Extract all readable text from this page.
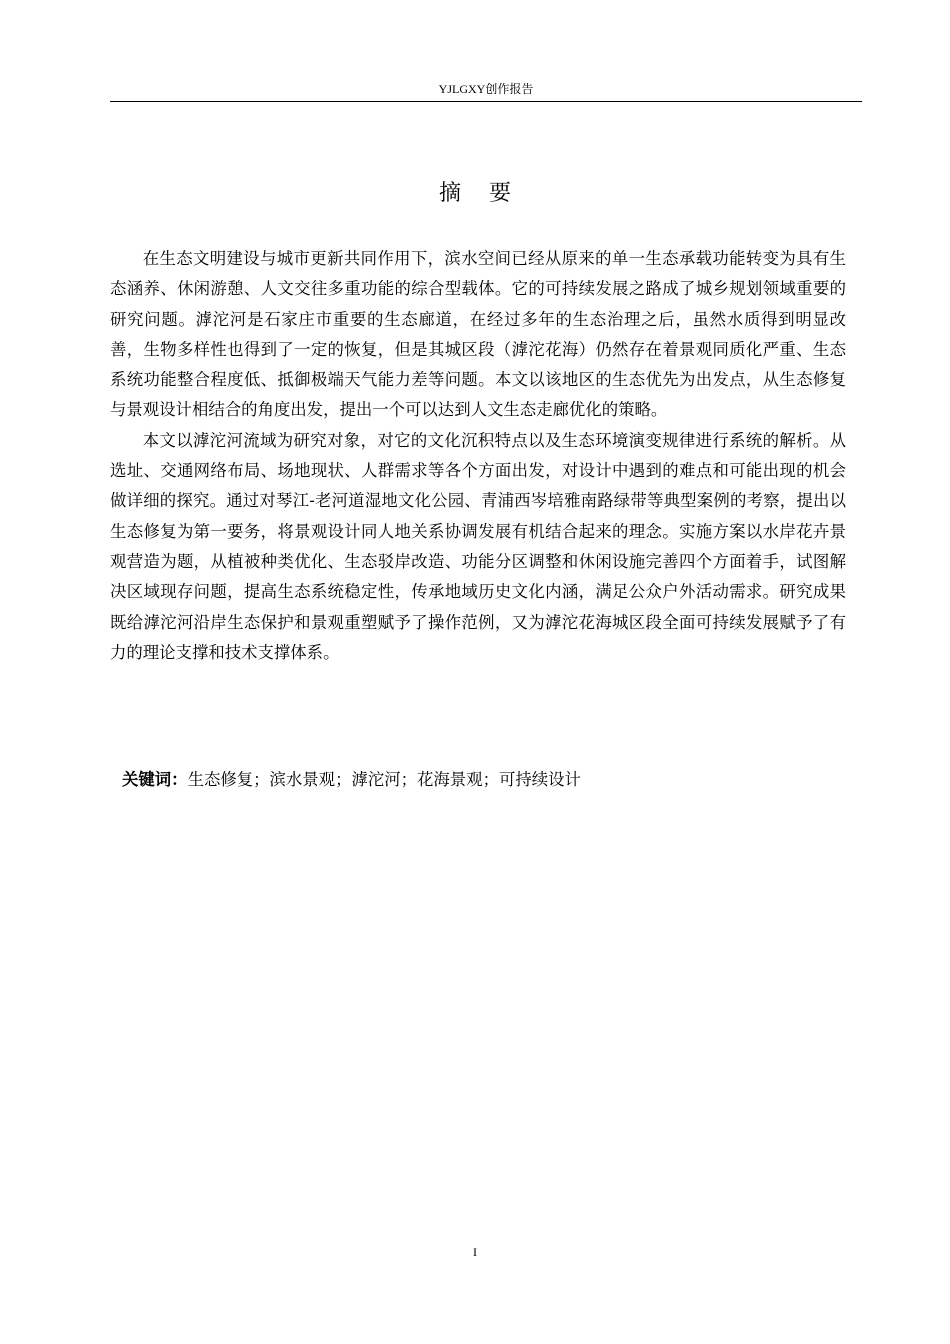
YJLGXY创作报告
摘要

在生态文明建设与城市更新共同作用下，滨水空间已经从原来的单一生态承载功能转变为具有生态涵养、休闲游憩、人文交往多重功能的综合型载体。它的可持续发展之路成了城乡规划领域重要的研究问题。滹沱河是石家庄市重要的生态廊道，在经过多年的生态治理之后，虽然水质得到明显改善，生物多样性也得到了一定的恢复，但是其城区段（滹沱花海）仍然存在着景观同质化严重、生态系统功能整合程度低、抵御极端天气能力差等问题。本文以该地区的生态优先为出发点，从生态修复与景观设计相结合的角度出发，提出一个可以达到人文生态走廊优化的策略。

本文以滹沱河流域为研究对象，对它的文化沉积特点以及生态环境演变规律进行系统的解析。从选址、交通网络布局、场地现状、人群需求等各个方面出发，对设计中遇到的难点和可能出现的机会做详细的探究。通过对琴江-老河道湿地文化公园、青浦西岑培雅南路绿带等典型案例的考察，提出以生态修复为第一要务，将景观设计同人地关系协调发展有机结合起来的理念。实施方案以水岸花卉景观营造为题，从植被种类优化、生态驳岸改造、功能分区调整和休闲设施完善四个方面着手，试图解决区域现存问题，提高生态系统稳定性，传承地域历史文化内涵，满足公众户外活动需求。研究成果既给滹沱河沿岸生态保护和景观重塑赋予了操作范例，又为滹沱花海城区段全面可持续发展赋予了有力的理论支撑和技术支撑体系。

关键词：生态修复；滨水景观；滹沱河；花海景观；可持续设计
I
